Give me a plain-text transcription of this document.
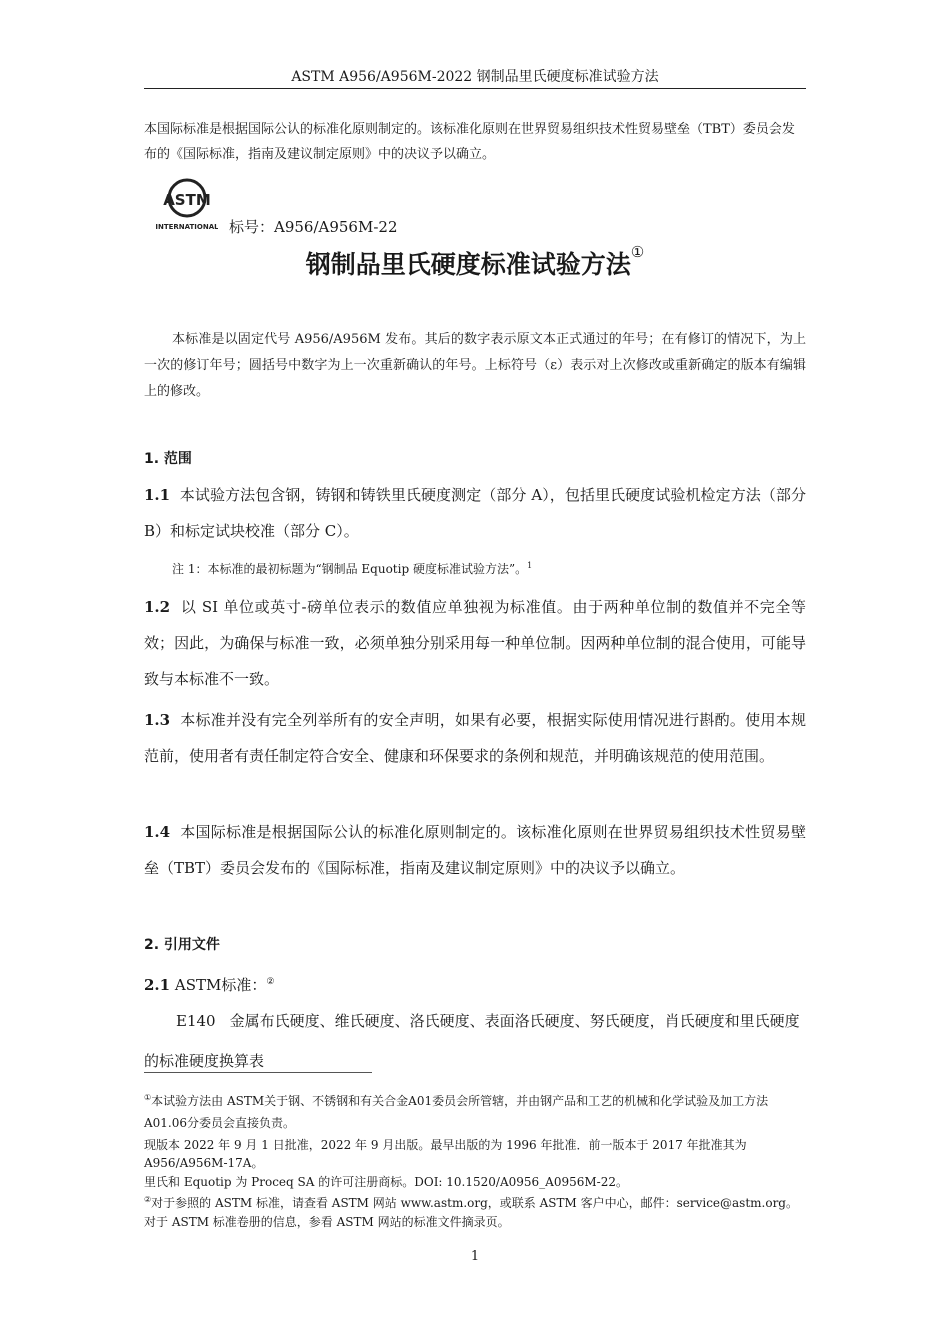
ASTM A956/A956M-2022 钢制品里氏硬度标准试验方法
本国际标准是根据国际公认的标准化原则制定的。该标准化原则在世界贸易组织技术性贸易壁垒（TBT）委员会发布的《国际标准，指南及建议制定原则》中的决议予以确立。
ASTM
INTERNATIONAL 标号：A956/A956M-22
钢制品里氏硬度标准试验方法①
本标准是以固定代号 A956/A956M 发布。其后的数字表示原文本正式通过的年号；在有修订的情况下，为上一次的修订年号；圆括号中数字为上一次重新确认的年号。上标符号（ε）表示对上次修改或重新确定的版本有编辑上的修改。
1. 范围
1.1 本试验方法包含钢，铸钢和铸铁里氏硬度测定（部分 A），包括里氏硬度试验机检定方法（部分 B）和标定试块校准（部分 C）。
注 1：本标准的最初标题为“钢制品 Equotip 硬度标准试验方法”。$^1$
1.2 以 SI 单位或英寸-磅单位表示的数值应单独视为标准值。由于两种单位制的数值并不完全等效；因此，为确保与标准一致，必须单独分别采用每一种单位制。因两种单位制的混合使用，可能导致与本标准不一致。
1.3 本标准并没有完全列举所有的安全声明，如果有必要，根据实际使用情况进行斟酌。使用本规范前，使用者有责任制定符合安全、健康和环保要求的条例和规范，并明确该规范的使用范围。
1.4 本国际标准是根据国际公认的标准化原则制定的。该标准化原则在世界贸易组织技术性贸易壁垒（TBT）委员会发布的《国际标准，指南及建议制定原则》中的决议予以确立。
2. 引用文件
2.1 ASTM标准：②
E140 金属布氏硬度、维氏硬度、洛氏硬度、表面洛氏硬度、努氏硬度，肖氏硬度和里氏硬度的标准硬度换算表
①本试验方法由 ASTM关于钢、不锈钢和有关合金A01委员会所管辖，并由钢产品和工艺的机械和化学试验及加工方法A01.06分委员会直接负责。
现版本 2022 年 9 月 1 日批准，2022 年 9 月出版。最早出版的为 1996 年批准．前一版本于 2017 年批准其为 A956/A956M-17A。
里氏和 Equotip 为 Proceq SA 的许可注册商标。DOI: 10.1520/A0956_A0956M-22。
②对于参照的 ASTM 标准，请查看 ASTM 网站 www.astm.org，或联系 ASTM 客户中心，邮件：service@astm.org。对于 ASTM 标准卷册的信息，参看 ASTM 网站的标准文件摘录页。
1
